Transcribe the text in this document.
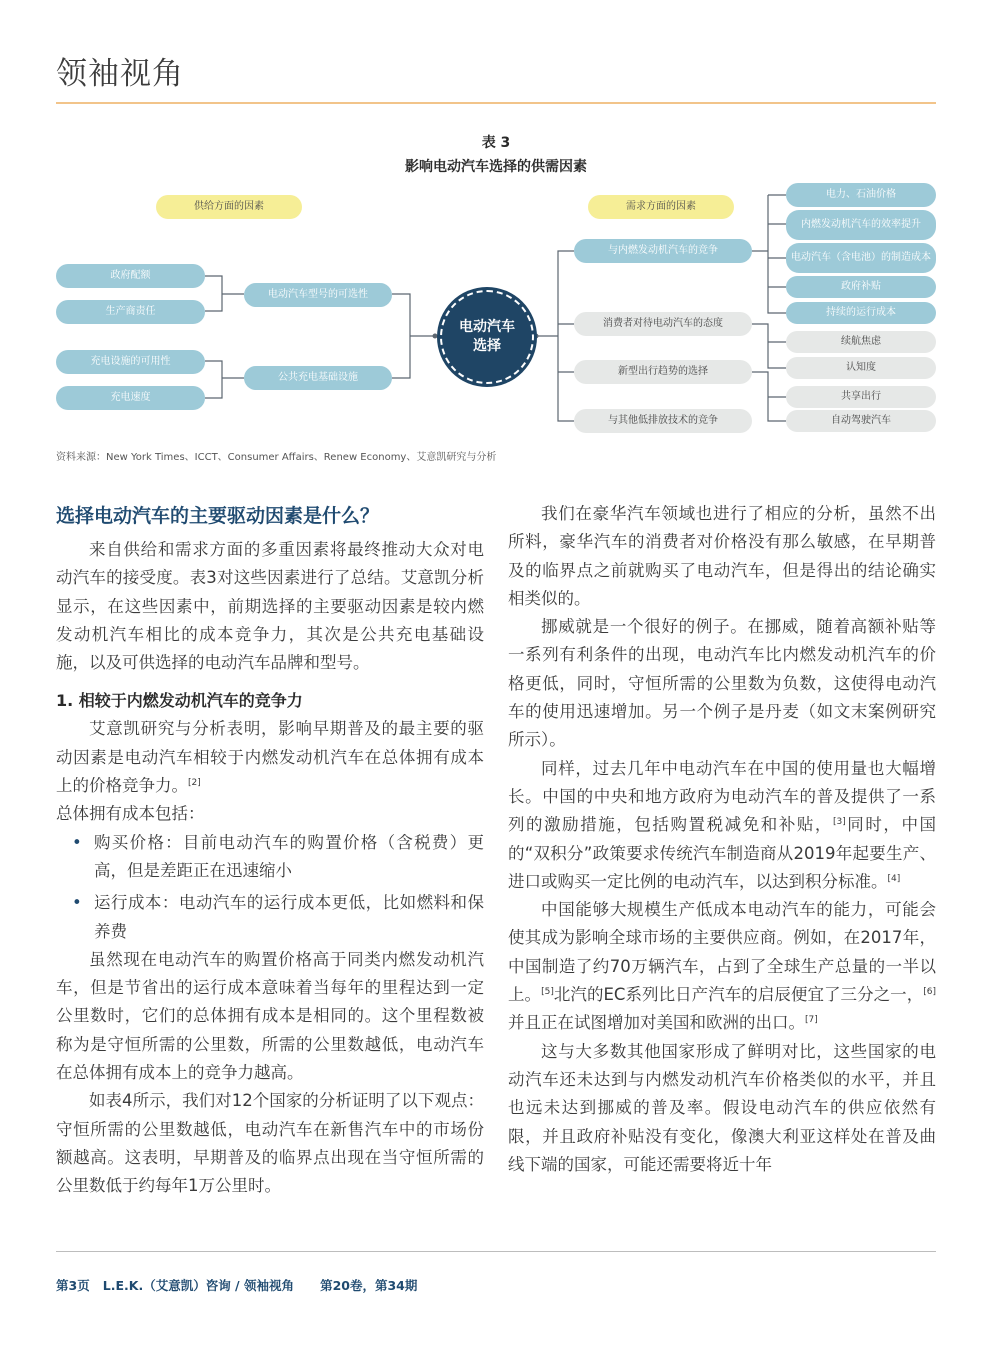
领袖视角
表 3
影响电动汽车选择的供需因素
供给方面的因素
政府配额
生产商责任
电动汽车型号的可选性
充电设施的可用性
充电速度
公共充电基础设施
电动汽车
选择
需求方面的因素
与内燃发动机汽车的竞争
消费者对待电动汽车的态度
新型出行趋势的选择
与其他低排放技术的竞争
电力、石油价格
内燃发动机汽车的效率提升
电动汽车（含电池）的制造成本
政府补贴
持续的运行成本
续航焦虑
认知度
共享出行
自动驾驶汽车
资料来源：New York Times、ICCT、Consumer Affairs、Renew Economy、艾意凯研究与分析
选择电动汽车的主要驱动因素是什么？

来自供给和需求方面的多重因素将最终推动大众对电动汽车的接受度。表3对这些因素进行了总结。艾意凯分析显示，在这些因素中，前期选择的主要驱动因素是较内燃发动机汽车相比的成本竞争力，其次是公共充电基础设施，以及可供选择的电动汽车品牌和型号。

1. 相较于内燃发动机汽车的竞争力

艾意凯研究与分析表明，影响早期普及的最主要的驱动因素是电动汽车相较于内燃发动机汽车在总体拥有成本上的价格竞争力。[2]

总体拥有成本包括：

• 购买价格：目前电动汽车的购置价格（含税费）更高，但是差距正在迅速缩小

• 运行成本：电动汽车的运行成本更低，比如燃料和保养费

虽然现在电动汽车的购置价格高于同类内燃发动机汽车，但是节省出的运行成本意味着当每年的里程达到一定公里数时，它们的总体拥有成本是相同的。这个里程数被称为是守恒所需的公里数，所需的公里数越低，电动汽车在总体拥有成本上的竞争力越高。

如表4所示，我们对12个国家的分析证明了以下观点：守恒所需的公里数越低，电动汽车在新售汽车中的市场份额越高。这表明，早期普及的临界点出现在当守恒所需的公里数低于约每年1万公里时。

我们在豪华汽车领域也进行了相应的分析，虽然不出所料，豪华汽车的消费者对价格没有那么敏感，在早期普及的临界点之前就购买了电动汽车，但是得出的结论确实相类似的。

挪威就是一个很好的例子。在挪威，随着高额补贴等一系列有利条件的出现，电动汽车比内燃发动机汽车的价格更低，同时，守恒所需的公里数为负数，这使得电动汽车的使用迅速增加。另一个例子是丹麦（如文末案例研究所示）。

同样，过去几年中电动汽车在中国的使用量也大幅增长。中国的中央和地方政府为电动汽车的普及提供了一系列的激励措施，包括购置税减免和补贴，[3]同时，中国的“双积分”政策要求传统汽车制造商从2019年起要生产、进口或购买一定比例的电动汽车，以达到积分标准。[4]

中国能够大规模生产低成本电动汽车的能力，可能会使其成为影响全球市场的主要供应商。例如，在2017年，中国制造了约70万辆汽车，占到了全球生产总量的一半以上。[5]北汽的EC系列比日产汽车的启辰便宜了三分之一，[6]并且正在试图增加对美国和欧洲的出口。[7]

这与大多数其他国家形成了鲜明对比，这些国家的电动汽车还未达到与内燃发动机汽车价格类似的水平，并且也远未达到挪威的普及率。假设电动汽车的供应依然有限，并且政府补贴没有变化，像澳大利亚这样处在普及曲线下端的国家，可能还需要将近十年

第3页   L.E.K.（艾意凯）咨询 / 领袖视角      第20卷，第34期
